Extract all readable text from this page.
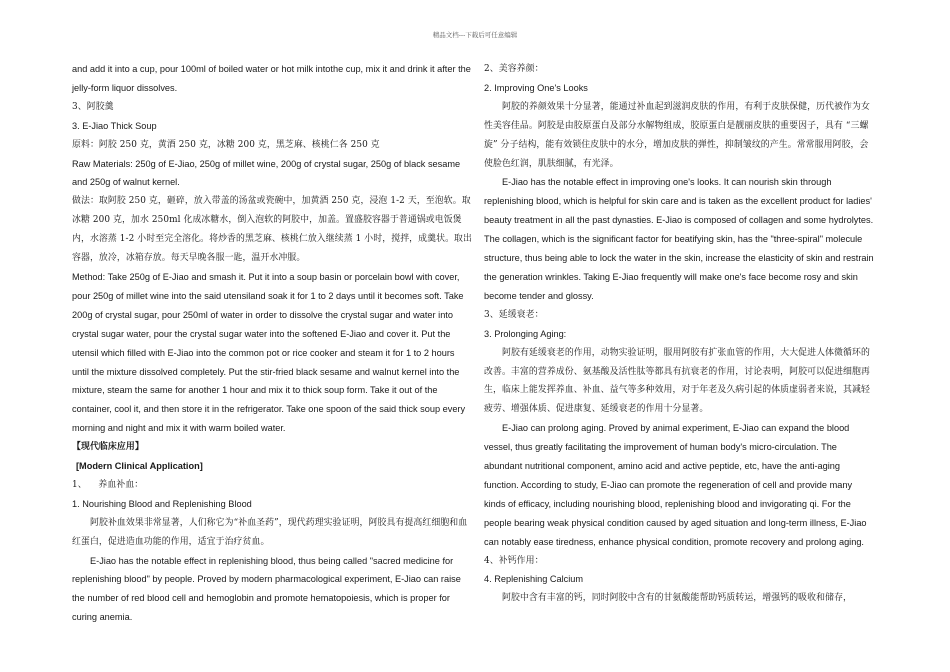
精品文档---下载后可任意编辑

and add it into a cup, pour 100ml of boiled water or hot milk intothe cup, mix it and drink it after the jelly-form liquor dissolves.

3、阿胶羹

3. E-Jiao Thick Soup

原料：阿胶 250 克，黄酒 250 克，冰糖 200 克，黑芝麻、核桃仁各 250 克

Raw Materials: 250g of E-Jiao, 250g of millet wine, 200g of crystal sugar, 250g of black sesame and 250g of walnut kernel.

做法：取阿胶 250 克，砸碎，放入带盖的汤盆或瓷碗中，加黄酒 250 克，浸泡 1-2 天，至泡软。取冰糖 200 克，加水 250ml 化成冰糖水，倒入泡软的阿胶中，加盖。置盛胶容器于普通锅或电饭煲内，水溶蒸 1-2 小时至完全溶化。将炒香的黑芝麻、核桃仁放入继续蒸 1 小时，搅拌，成羹状。取出容器，放冷，冰箱存放。每天早晚各服一匙，温开水冲服。

Method: Take 250g of E-Jiao and smash it. Put it into a soup basin or porcelain bowl with cover, pour 250g of millet wine into the said utensiland soak it for 1 to 2 days until it becomes soft. Take 200g of crystal sugar, pour 250ml of water in order to dissolve the crystal sugar and water into crystal sugar water, pour the crystal sugar water into the softened E-Jiao and cover it. Put the utensil which filled with E-Jiao into the common pot or rice cooker and steam it for 1 to 2 hours until the mixture dissolved completely. Put the stir-fried black sesame and walnut kernel into the mixture, steam the same for another 1 hour and mix it to thick soup form. Take it out of the container, cool it, and then store it in the refrigerator. Take one spoon of the said thick soup every morning and night and mix it with warm boiled water.

【现代临床应用】

[Modern Clinical Application]

1、    养血补血：

1. Nourishing Blood and Replenishing Blood

阿胶补血效果非常显著，人们称它为“补血圣药”，现代药理实验证明，阿胶具有提高红细胞和血红蛋白，促进造血功能的作用，适宜于治疗贫血。

E-Jiao has the notable effect in replenishing blood, thus being called "sacred medicine for replenishing blood" by people. Proved by modern pharmacological experiment, E-Jiao can raise the number of red blood cell and hemoglobin and promote hematopoiesis, which is proper for curing anemia.

2、美容养颜：

2. Improving One's Looks

阿胶的养颜效果十分显著，能通过补血起到滋润皮肤的作用，有利于皮肤保健，历代被作为女性美容佳品。阿胶是由胶原蛋白及部分水解物组成，胶原蛋白是靓丽皮肤的重要因子，具有 “三螺旋” 分子结构，能有效锁住皮肤中的水分，增加皮肤的弹性，抑制皱纹的产生。常常服用阿胶，会使脸色红润，肌肤细腻，有光泽。

E-Jiao has the notable effect in improving one's looks. It can nourish skin through replenishing blood, which is helpful for skin care and is taken as the excellent product for ladies' beauty treatment in all the past dynasties. E-Jiao is composed of collagen and some hydrolytes. The collagen, which is the significant factor for beatifying skin, has the "three-spiral" molecule structure, thus being able to lock the water in the skin, increase the elasticity of skin and restrain the generation wrinkles. Taking E-Jiao frequently will make one's face become rosy and skin become tender and glossy.

3、延缓衰老：

3. Prolonging Aging:

阿胶有延缓衰老的作用，动物实验证明，服用阿胶有扩张血管的作用，大大促进人体微循环的改善。丰富的营养成份、氨基酸及活性肽等都具有抗衰老的作用，讨论表明，阿胶可以促进细胞再生，临床上能发挥养血、补血、益气等多种效用，对于年老及久病引起的体质虚弱者来说，其减轻疲劳、增强体质、促进康复、延缓衰老的作用十分显著。

E-Jiao can prolong aging. Proved by animal experiment, E-Jiao can expand the blood vessel, thus greatly facilitating the improvement of human body's micro-circulation. The abundant nutritional component, amino acid and active peptide, etc, have the anti-aging function. According to study, E-Jiao can promote the regeneration of cell and provide many kinds of efficacy, including nourishing blood, replenishing blood and invigorating qi. For the people bearing weak physical condition caused by aged situation and long-term illness, E-Jiao can notably ease tiredness, enhance physical condition, promote recovery and prolong aging.

4、补钙作用：

4. Replenishing Calcium

阿胶中含有丰富的钙，同时阿胶中含有的甘氨酸能帮助钙质转运，增强钙的吸收和储存，
